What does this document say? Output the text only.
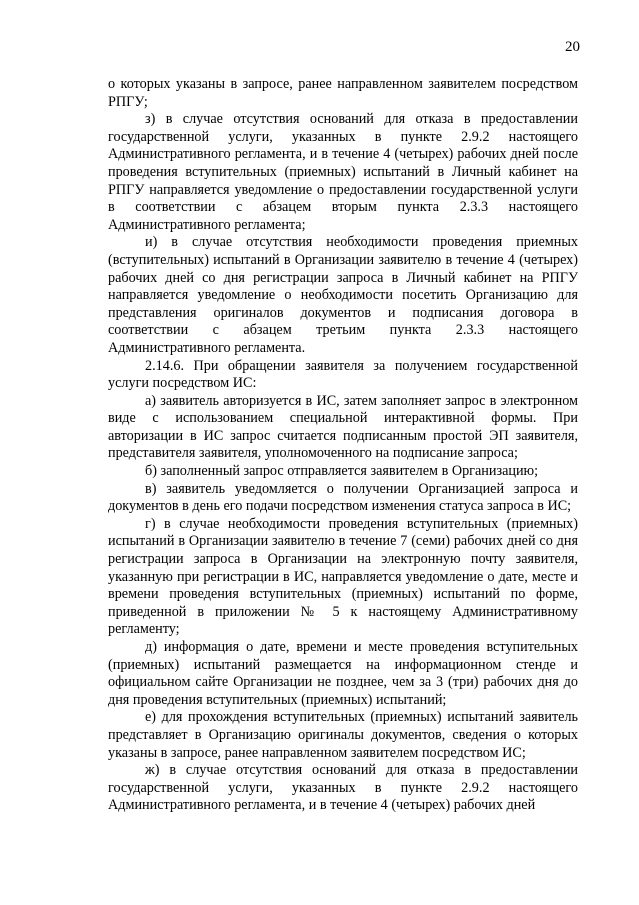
20

о которых указаны в запросе, ранее направленном заявителем посредством РПГУ;

з) в случае отсутствия оснований для отказа в предоставлении государственной услуги, указанных в пункте 2.9.2 настоящего Административного регламента, и в течение 4 (четырех) рабочих дней после проведения вступительных (приемных) испытаний в Личный кабинет на РПГУ направляется уведомление о предоставлении государственной услуги в соответствии с абзацем вторым пункта 2.3.3 настоящего Административного регламента;

и) в случае отсутствия необходимости проведения приемных (вступительных) испытаний в Организации заявителю в течение 4 (четырех) рабочих дней со дня регистрации запроса в Личный кабинет на РПГУ направляется уведомление о необходимости посетить Организацию для представления оригиналов документов и подписания договора в соответствии с абзацем третьим пункта 2.3.3 настоящего Административного регламента.

2.14.6. При обращении заявителя за получением государственной услуги посредством ИС:

а) заявитель авторизуется в ИС, затем заполняет запрос в электронном виде с использованием специальной интерактивной формы. При авторизации в ИС запрос считается подписанным простой ЭП заявителя, представителя заявителя, уполномоченного на подписание запроса;

б) заполненный запрос отправляется заявителем в Организацию;

в) заявитель уведомляется о получении Организацией запроса и документов в день его подачи посредством изменения статуса запроса в ИС;

г) в случае необходимости проведения вступительных (приемных) испытаний в Организации заявителю в течение 7 (семи) рабочих дней со дня регистрации запроса в Организации на электронную почту заявителя, указанную при регистрации в ИС, направляется уведомление о дате, месте и времени проведения вступительных (приемных) испытаний по форме, приведенной в приложении № 5 к настоящему Административному регламенту;

д) информация о дате, времени и месте проведения вступительных (приемных) испытаний размещается на информационном стенде и официальном сайте Организации не позднее, чем за 3 (три) рабочих дня до дня проведения вступительных (приемных) испытаний;

е) для прохождения вступительных (приемных) испытаний заявитель представляет в Организацию оригиналы документов, сведения о которых указаны в запросе, ранее направленном заявителем посредством ИС;

ж) в случае отсутствия оснований для отказа в предоставлении государственной услуги, указанных в пункте 2.9.2 настоящего Административного регламента, и в течение 4 (четырех) рабочих дней
